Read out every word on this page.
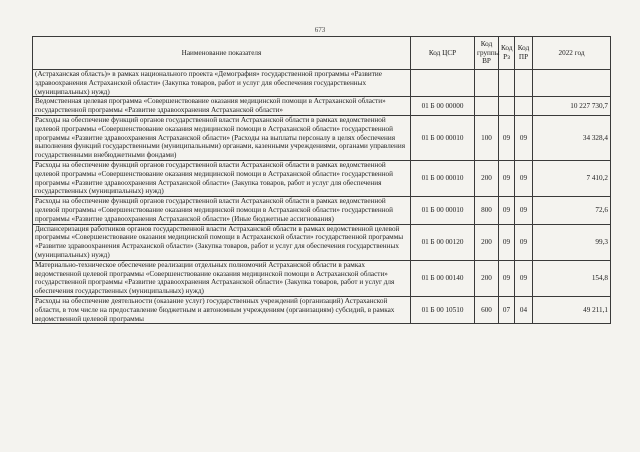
673
Наименование показателя	Код ЦСР	Код группы ВР	Код Рз	Код ПР	2022 год
(Астраханская область)» в рамках национального проекта «Демография» государственной программы «Развитие здравоохранения Астраханской области» (Закупка товаров, работ и услуг для обеспечения государственных (муниципальных) нужд)					
Ведомственная целевая программа «Совершенствование оказания медицинской помощи в Астраханской области» государственной программы «Развитие здравоохранения Астраханской области»	01 Б 00 00000				10 227 730,7
Расходы на обеспечение функций органов государственной власти Астраханской области в рамках ведомственной целевой программы «Совершенствование оказания медицинской помощи в Астраханской области» государственной программы «Развитие здравоохранения Астраханской области» (Расходы на выплаты персоналу в целях обеспечения выполнения функций государственными (муниципальными) органами, казенными учреждениями, органами управления государственными внебюджетными фондами)	01 Б 00 00010	100	09	09	34 328,4
Расходы на обеспечение функций органов государственной власти Астраханской области в рамках ведомственной целевой программы «Совершенствование оказания медицинской помощи в Астраханской области» государственной программы «Развитие здравоохранения Астраханской области» (Закупка товаров, работ и услуг для обеспечения государственных (муниципальных) нужд)	01 Б 00 00010	200	09	09	7 410,2
Расходы на обеспечение функций органов государственной власти Астраханской области в рамках ведомственной целевой программы «Совершенствование оказания медицинской помощи в Астраханской области» государственной программы «Развитие здравоохранения Астраханской области» (Иные бюджетные ассигнования)	01 Б 00 00010	800	09	09	72,6
Диспансеризация работников органов государственной власти Астраханской области в рамках ведомственной целевой программы «Совершенствование оказания медицинской помощи в Астраханской области» государственной программы «Развитие здравоохранения Астраханской области» (Закупка товаров, работ и услуг для обеспечения государственных (муниципальных) нужд)	01 Б 00 00120	200	09	09	99,3
Материально-техническое обеспечение реализации отдельных полномочий Астраханской области в рамках ведомственной целевой программы «Совершенствование оказания медицинской помощи в Астраханской области» государственной программы «Развитие здравоохранения Астраханской области» (Закупка товаров, работ и услуг для обеспечения государственных (муниципальных) нужд)	01 Б 00 00140	200	09	09	154,8
Расходы на обеспечение деятельности (оказание услуг) государственных учреждений (организаций) Астраханской области, в том числе на предоставление бюджетным и автономным учреждениям (организациям) субсидий, в рамках ведомственной целевой программы	01 Б 00 10510	600	07	04	49 211,1
